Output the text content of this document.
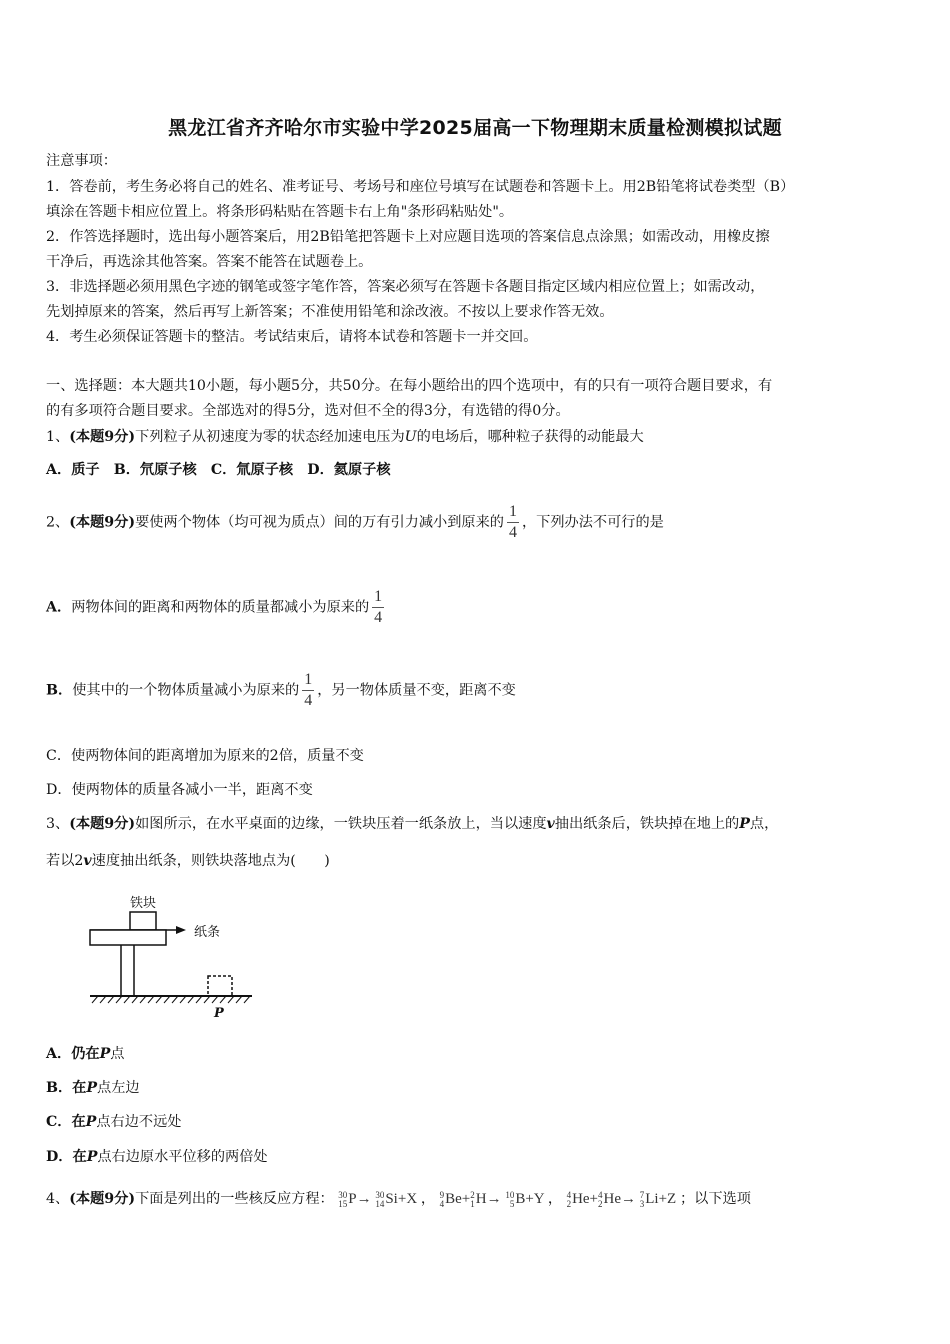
黑龙江省齐齐哈尔市实验中学2025届高一下物理期末质量检测模拟试题
注意事项：
1．答卷前，考生务必将自己的姓名、准考证号、考场号和座位号填写在试题卷和答题卡上。用2B铅笔将试卷类型（B）
填涂在答题卡相应位置上。将条形码粘贴在答题卡右上角"条形码粘贴处"。
2．作答选择题时，选出每小题答案后，用2B铅笔把答题卡上对应题目选项的答案信息点涂黑；如需改动，用橡皮擦
干净后，再选涂其他答案。答案不能答在试题卷上。
3．非选择题必须用黑色字迹的钢笔或签字笔作答，答案必须写在答题卡各题目指定区域内相应位置上；如需改动，
先划掉原来的答案，然后再写上新答案；不准使用铅笔和涂改液。不按以上要求作答无效。
4．考生必须保证答题卡的整洁。考试结束后，请将本试卷和答题卡一并交回。
一、选择题：本大题共10小题，每小题5分，共50分。在每小题给出的四个选项中，有的只有一项符合题目要求，有
的有多项符合题目要求。全部选对的得5分，选对但不全的得3分，有选错的得0分。
1、(本题9分)下列粒子从初速度为零的状态经加速电压为U的电场后，哪种粒子获得的动能最大
A．质子　B．氘原子核　C．氚原子核　D．氦原子核
2、(本题9分)要使两个物体（均可视为质点）间的万有引力减小到原来的 $\frac{1}{4}$ ，下列办法不可行的是
A．两物体间的距离和两物体的质量都减小为原来的 $\frac{1}{4}$
B．使其中的一个物体质量减小为原来的 $\frac{1}{4}$ ，另一物体质量不变，距离不变
C．使两物体间的距离增加为原来的2倍，质量不变
D．使两物体的质量各减小一半，距离不变
3、(本题9分)如图所示，在水平桌面的边缘，一铁块压着一纸条放上，当以速度v抽出纸条后，铁块掉在地上的P点，
若以2v速度抽出纸条，则铁块落地点为(　　)
铁块
纸条
P
A．仍在P点
B．在P点左边
C．在P点右边不远处
D．在P点右边原水平位移的两倍处
4、(本题9分)下面是列出的一些核反应方程： 30
15 P→ 30
14 Si+X ， 9
4 Be+ 2
1 H→ 10
5 B+Y ， 4
2 He+ 4
2 He→ 7
3 Li+Z ；以下选项
